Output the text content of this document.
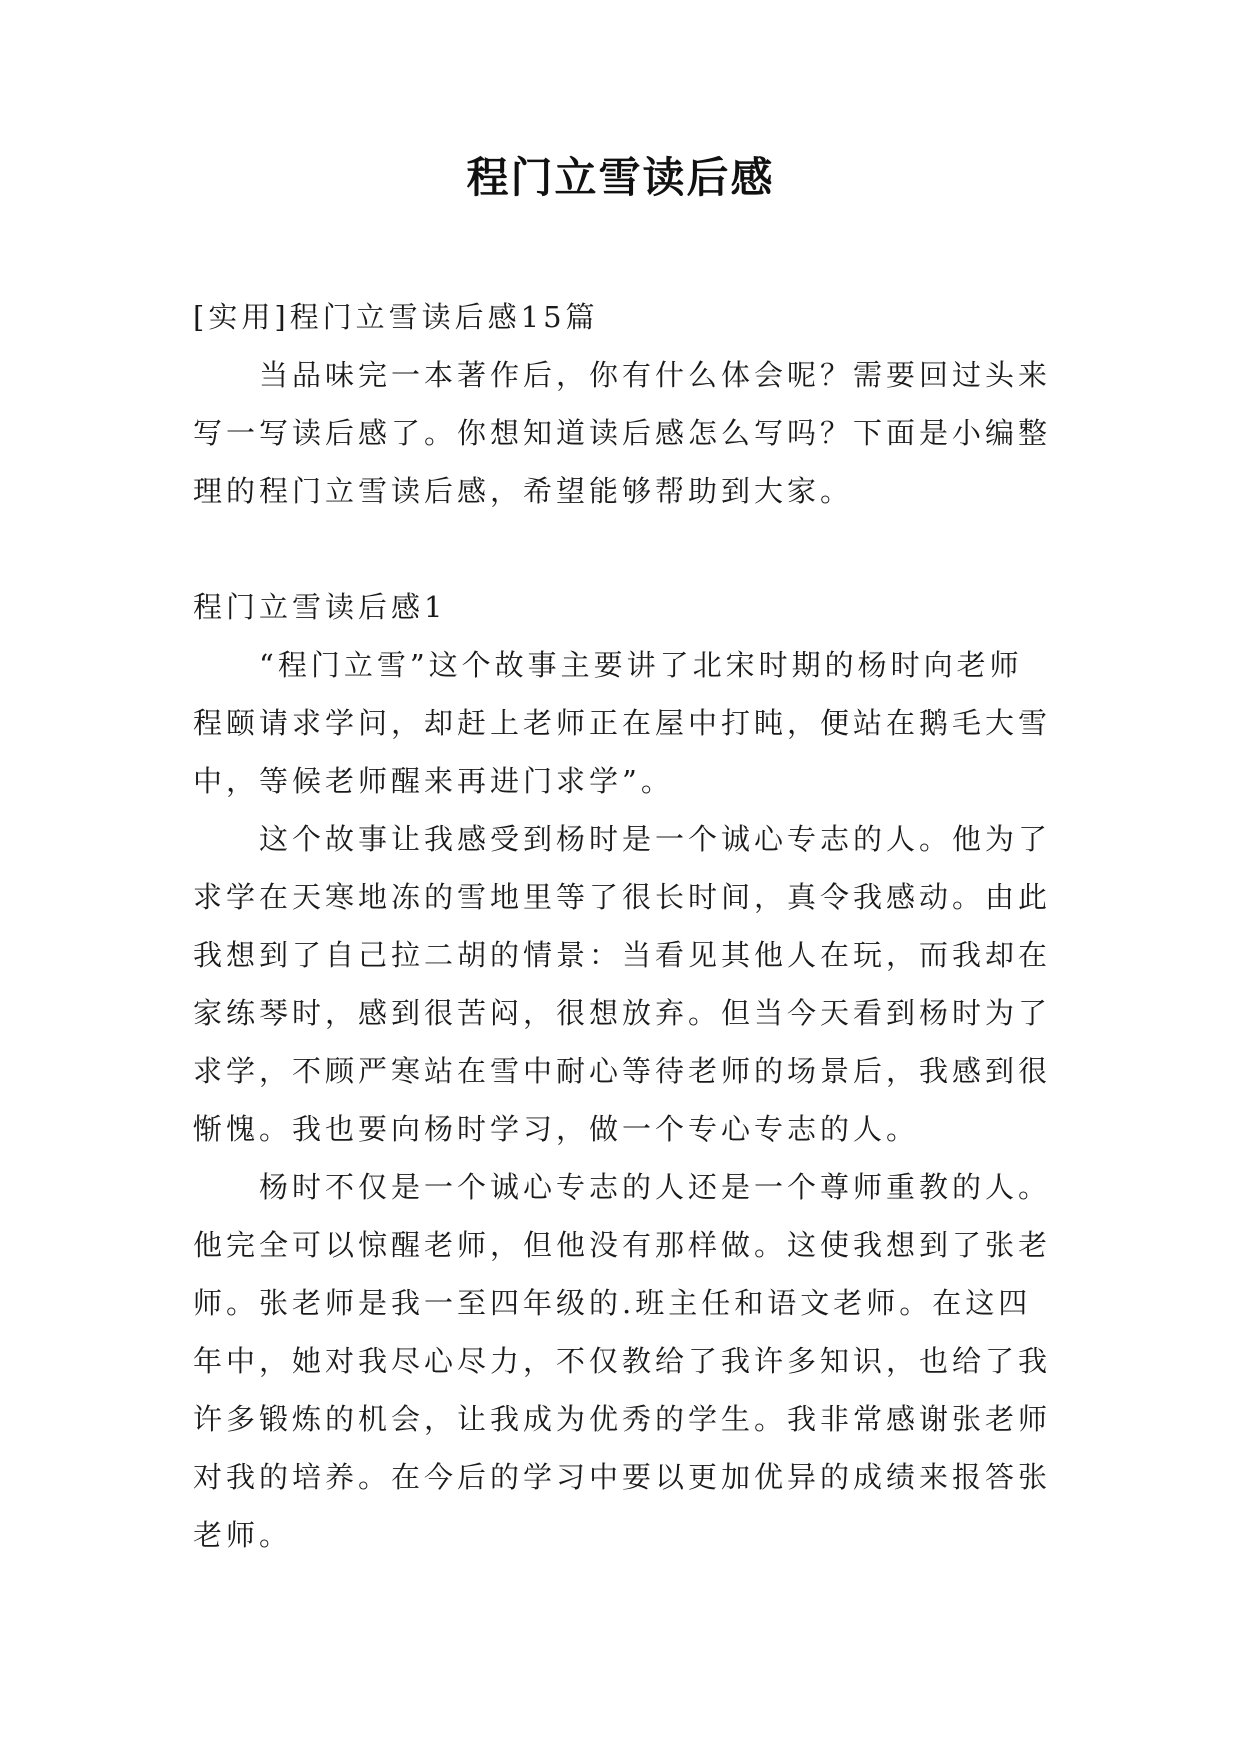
程门立雪读后感
[实用]程门立雪读后感15篇
当品味完一本著作后，你有什么体会呢？需要回过头来
写一写读后感了。你想知道读后感怎么写吗？下面是小编整
理的程门立雪读后感，希望能够帮助到大家。
程门立雪读后感1
“程门立雪”这个故事主要讲了北宋时期的杨时向老师
程颐请求学问，却赶上老师正在屋中打盹，便站在鹅毛大雪
中，等候老师醒来再进门求学”。
这个故事让我感受到杨时是一个诚心专志的人。他为了
求学在天寒地冻的雪地里等了很长时间，真令我感动。由此
我想到了自己拉二胡的情景：当看见其他人在玩，而我却在
家练琴时，感到很苦闷，很想放弃。但当今天看到杨时为了
求学，不顾严寒站在雪中耐心等待老师的场景后，我感到很
惭愧。我也要向杨时学习，做一个专心专志的人。
杨时不仅是一个诚心专志的人还是一个尊师重教的人。
他完全可以惊醒老师，但他没有那样做。这使我想到了张老
师。张老师是我一至四年级的.班主任和语文老师。在这四
年中，她对我尽心尽力，不仅教给了我许多知识，也给了我
许多锻炼的机会，让我成为优秀的学生。我非常感谢张老师
对我的培养。在今后的学习中要以更加优异的成绩来报答张
老师。
